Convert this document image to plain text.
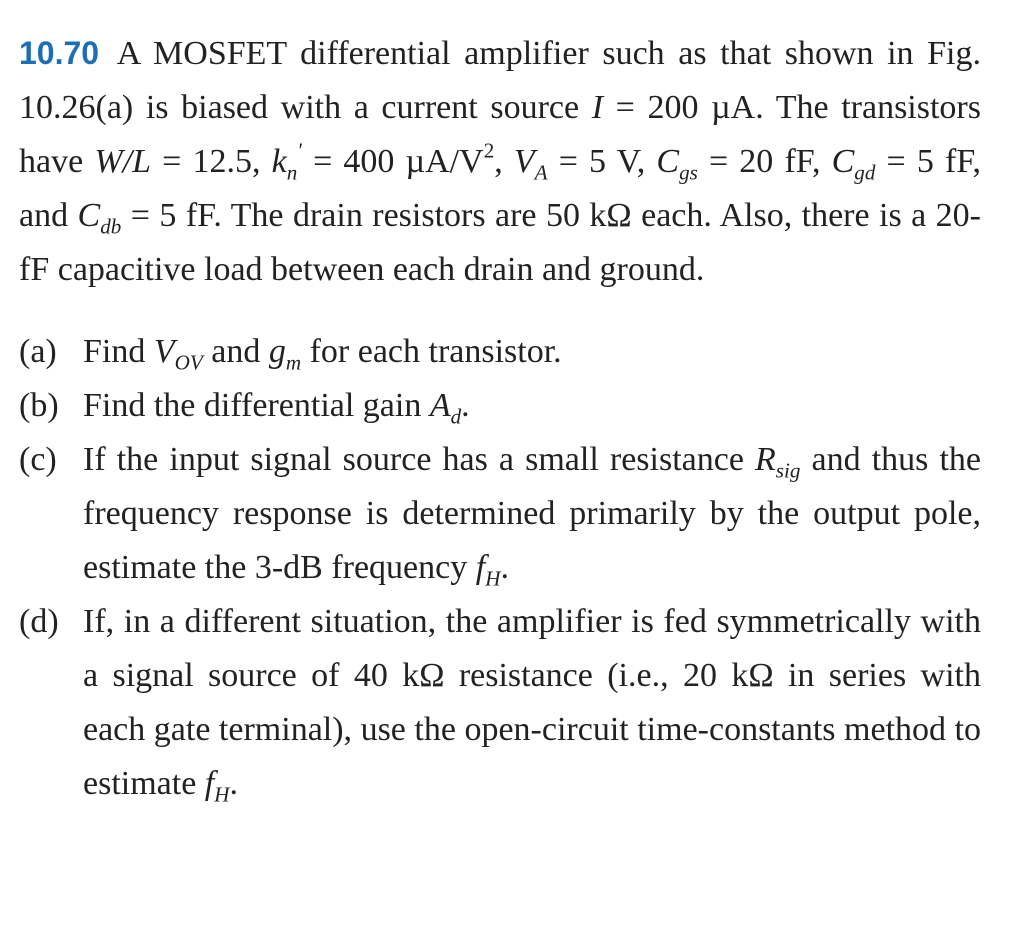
10.70 A MOSFET differential amplifier such as that shown in Fig. 10.26(a) is biased with a current source I = 200 µA. The transistors have W/L = 12.5, $k_n' = 400$ $\mu A/V^2$, $V_A = 5$ V, $C_{gs} = 20$ fF, $C_{gd} = 5$ fF, and $C_{db} = 5$ fF. The drain resistors are 50 kΩ each. Also, there is a 20-fF capacitive load between each drain and ground.
(a) Find $V_{OV}$ and $g_m$ for each transistor.
(b) Find the differential gain $A_d$.
(c) If the input signal source has a small resistance $R_{sig}$ and thus the frequency response is determined primarily by the output pole, estimate the 3-dB frequency $f_H$.
(d) If, in a different situation, the amplifier is fed symmetrically with a signal source of 40 kΩ resistance (i.e., 20 kΩ in series with each gate terminal), use the open-circuit time-constants method to estimate $f_H$.
